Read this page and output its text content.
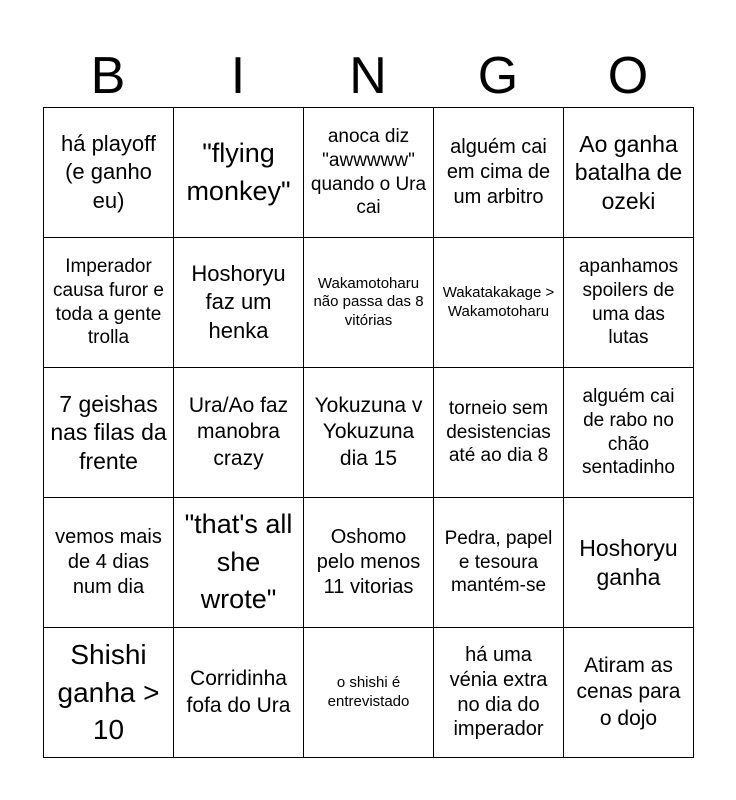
B	I	N	G	O
há playoff (e ganho eu)	"flying monkey"	anoca diz "awwwww" quando o Ura cai	alguém cai em cima de um arbitro	Ao ganha batalha de ozeki
Imperador causa furor e toda a gente trolla	Hoshoryu faz um henka	Wakamotoharu não passa das 8 vitórias	Wakatakakage > Wakamotoharu	apanhamos spoilers de uma das lutas
7 geishas nas filas da frente	Ura/Ao faz manobra crazy	Yokuzuna v Yokuzuna dia 15	torneio sem desistencias até ao dia 8	alguém cai de rabo no chão sentadinho
vemos mais de 4 dias num dia	"that's all she wrote"	Oshomo pelo menos 11 vitorias	Pedra, papel e tesoura mantém-se	Hoshoryu ganha
Shishi ganha > 10	Corridinha fofa do Ura	o shishi é entrevistado	há uma vénia extra no dia do imperador	Atiram as cenas para o dojo
